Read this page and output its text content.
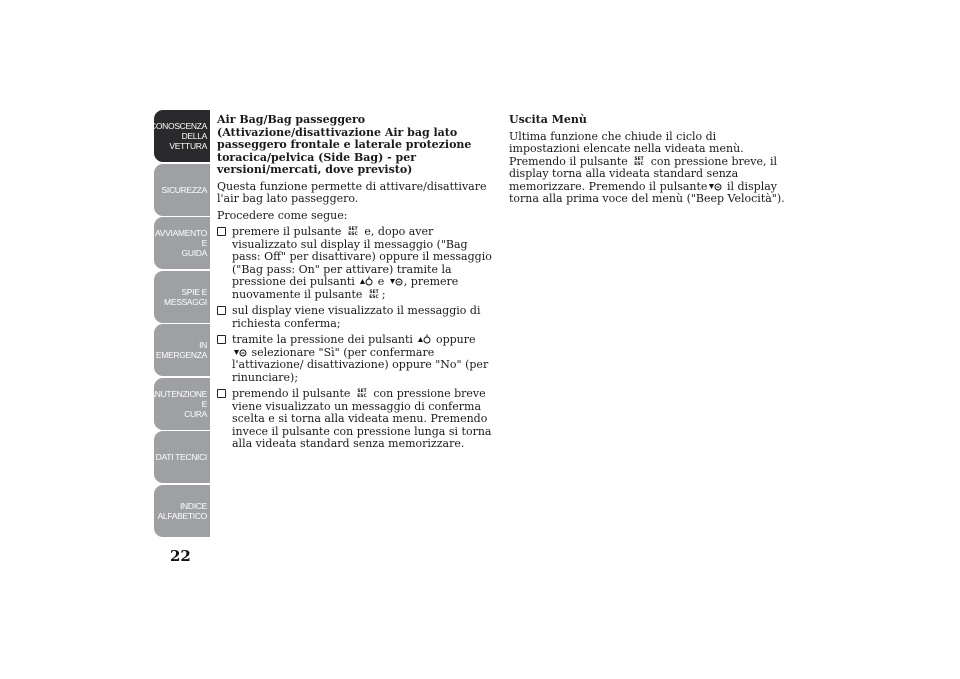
CONOSCENZA
DELLA VETTURA
SICUREZZA
AVVIAMENTO E
GUIDA
SPIE E MESSAGGI
IN EMERGENZA
MANUTENZIONE E
CURA
DATI TECNICI
INDICE
ALFABETICO
22
Air Bag/Bag passeggero
(Attivazione/disattivazione Air bag lato passeggero frontale e laterale protezione toracica/pelvica (Side Bag) - per versioni/mercati, dove previsto)
Questa funzione permette di attivare/disattivare l'air bag lato passeggero.
Procedere come segue:
premere il pulsante SET
ESC e, dopo aver visualizzato sul display il messaggio ("Bag pass: Off" per disattivare) oppure il messaggio ("Bag pass: On" per attivare) tramite la pressione dei pulsanti e , premere nuovamente il pulsante SET
ESC ;
sul display viene visualizzato il messaggio di richiesta conferma;
tramite la pressione dei pulsanti oppure
selezionare "Sì" (per confermare l'attivazione/ disattivazione) oppure "No" (per rinunciare);
premendo il pulsante SET
ESC con pressione breve viene visualizzato un messaggio di conferma scelta e si torna alla videata menu. Premendo invece il pulsante con pressione lunga si torna alla videata standard senza memorizzare.
Uscita Menù
Ultima funzione che chiude il ciclo di impostazioni elencate nella videata menù. Premendo il pulsante SET
ESC con pressione breve, il display torna alla videata standard senza memorizzare. Premendo il pulsante il display torna alla prima voce del menù ("Beep Velocità").
